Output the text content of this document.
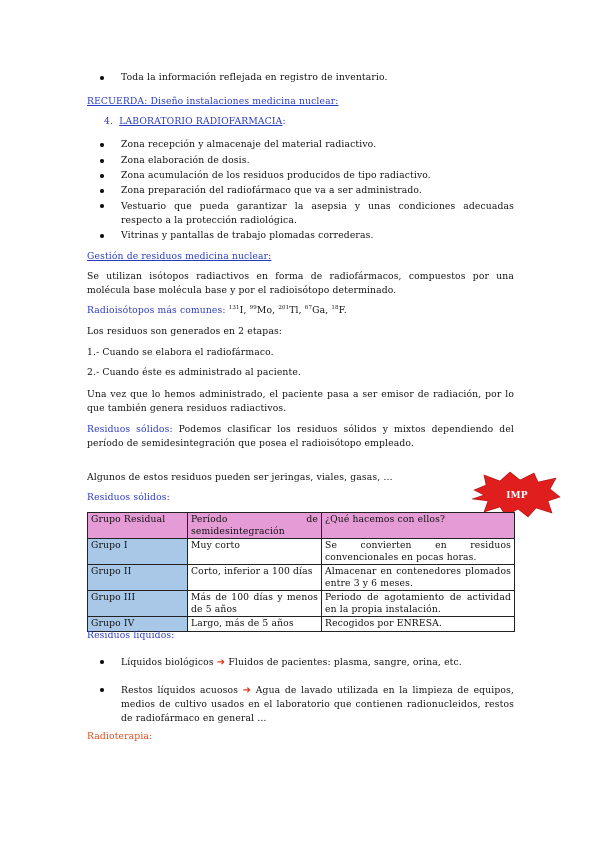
Toda la información reflejada en registro de inventario.
RECUERDA: Diseño instalaciones medicina nuclear:
4. LABORATORIO RADIOFARMACIA:
Zona recepción y almacenaje del material radiactivo.
Zona elaboración de dosis.
Zona acumulación de los residuos producidos de tipo radiactivo.
Zona preparación del radiofármaco que va a ser administrado.
Vestuario que pueda garantizar la asepsia y unas condiciones adecuadas respecto a la protección radiológica.
Vitrinas y pantallas de trabajo plomadas correderas.
Gestión de residuos medicina nuclear:
Se utilizan isótopos radiactivos en forma de radiofármacos, compuestos por una molécula base molécula base y por el radioisótopo determinado.
Radioisótopos más comunes: $^{131}$I, $^{99}$Mo, $^{201}$Tl, $^{67}$Ga, $^{18}$F.
Los residuos son generados en 2 etapas:
1.- Cuando se elabora el radiofármaco.
2.- Cuando éste es administrado al paciente.
Una vez que lo hemos administrado, el paciente pasa a ser emisor de radiación, por lo que también genera residuos radiactivos.
Residuos sólidos: Podemos clasificar los residuos sólidos y mixtos dependiendo del período de semidesintegración que posea el radioisótopo empleado.
Algunos de estos residuos pueden ser jeringas, viales, gasas, …
IMP
Residuos sólidos:
Grupo Residual	Período de semidesintegración	¿Qué hacemos con ellos?
Grupo I	Muy corto	Se convierten en residuos convencionales en pocas horas.
Grupo II	Corto, inferior a 100 días	Almacenar en contenedores plomados entre 3 y 6 meses.
Grupo III	Más de 100 días y menos de 5 años	Periodo de agotamiento de actividad en la propia instalación.
Grupo IV	Largo, más de 5 años	Recogidos por ENRESA.
Residuos líquidos:
Líquidos biológicos ➜ Fluidos de pacientes: plasma, sangre, orina, etc.
Restos líquidos acuosos ➜ Agua de lavado utilizada en la limpieza de equipos, medios de cultivo usados en el laboratorio que contienen radionucleidos, restos de radiofármaco en general …
Radioterapia:
